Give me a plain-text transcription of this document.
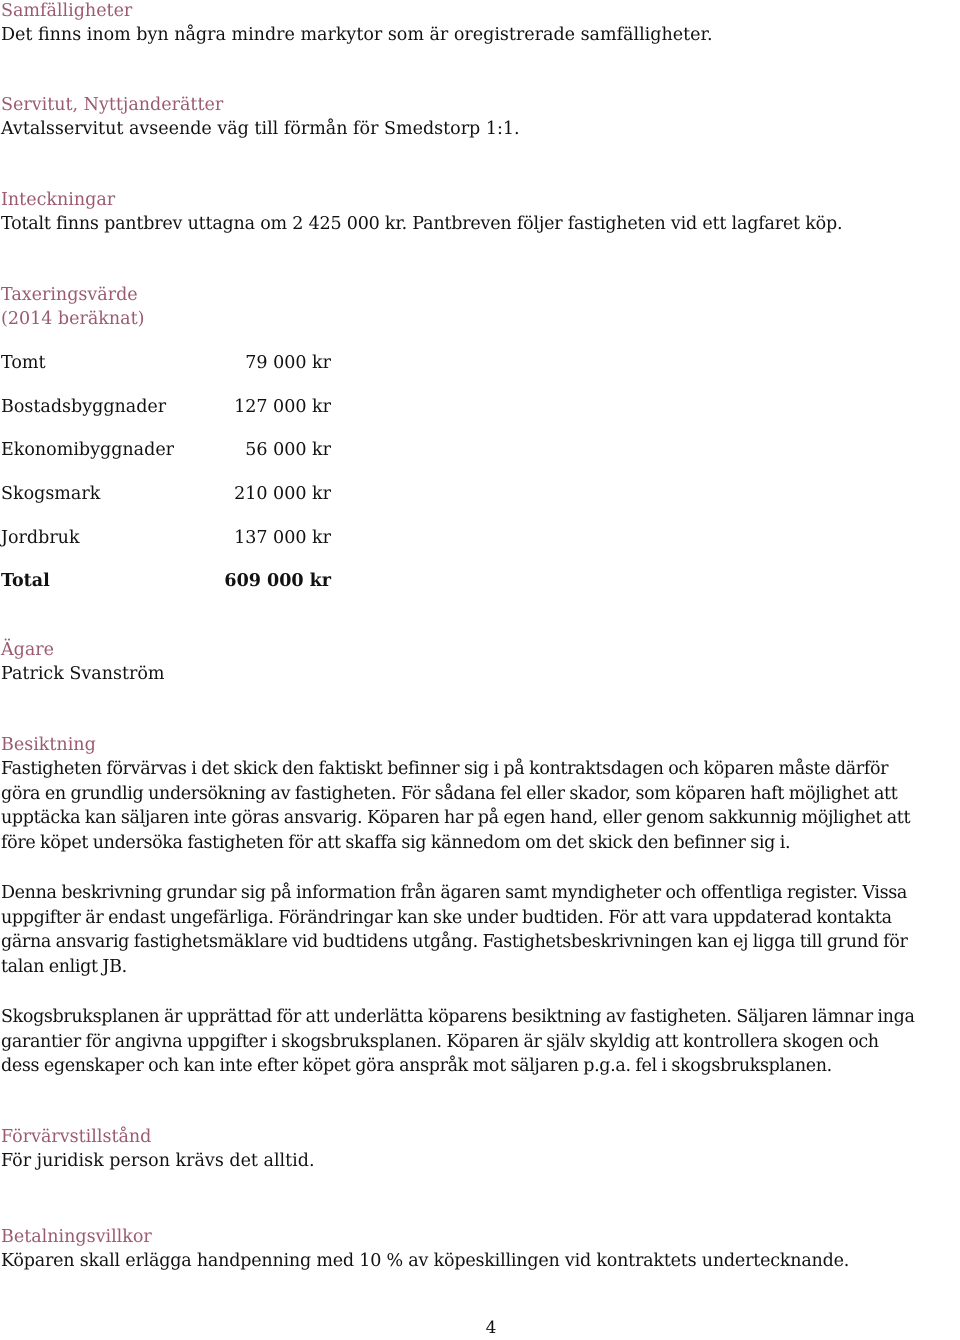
Samfälligheter
Det finns inom byn några mindre markytor som är oregistrerade samfälligheter.
Servitut, Nyttjanderätter
Avtalsservitut avseende väg till förmån för Smedstorp 1:1.
Inteckningar
Totalt finns pantbrev uttagna om 2 425 000 kr. Pantbreven följer fastigheten vid ett lagfaret köp.
Taxeringsvärde
(2014 beräknat)
Tomt	79 000 kr
Bostadsbyggnader	127 000 kr
Ekonomibyggnader	56 000 kr
Skogsmark	210 000 kr
Jordbruk	137 000 kr
Total	609 000 kr
Ägare
Patrick Svanström
Besiktning
Fastigheten förvärvas i det skick den faktiskt befinner sig i på kontraktsdagen och köparen måste därför
göra en grundlig undersökning av fastigheten. För sådana fel eller skador, som köparen haft möjlighet att
upptäcka kan säljaren inte göras ansvarig. Köparen har på egen hand, eller genom sakkunnig möjlighet att
före köpet undersöka fastigheten för att skaffa sig kännedom om det skick den befinner sig i.
Denna beskrivning grundar sig på information från ägaren samt myndigheter och offentliga register. Vissa
uppgifter är endast ungefärliga. Förändringar kan ske under budtiden. För att vara uppdaterad kontakta
gärna ansvarig fastighetsmäklare vid budtidens utgång. Fastighetsbeskrivningen kan ej ligga till grund för
talan enligt JB.
Skogsbruksplanen är upprättad för att underlätta köparens besiktning av fastigheten. Säljaren lämnar inga
garantier för angivna uppgifter i skogsbruksplanen. Köparen är själv skyldig att kontrollera skogen och
dess egenskaper och kan inte efter köpet göra anspråk mot säljaren p.g.a. fel i skogsbruksplanen.
Förvärvstillstånd
För juridisk person krävs det alltid.
Betalningsvillkor
Köparen skall erlägga handpenning med 10 % av köpeskillingen vid kontraktets undertecknande.
4
